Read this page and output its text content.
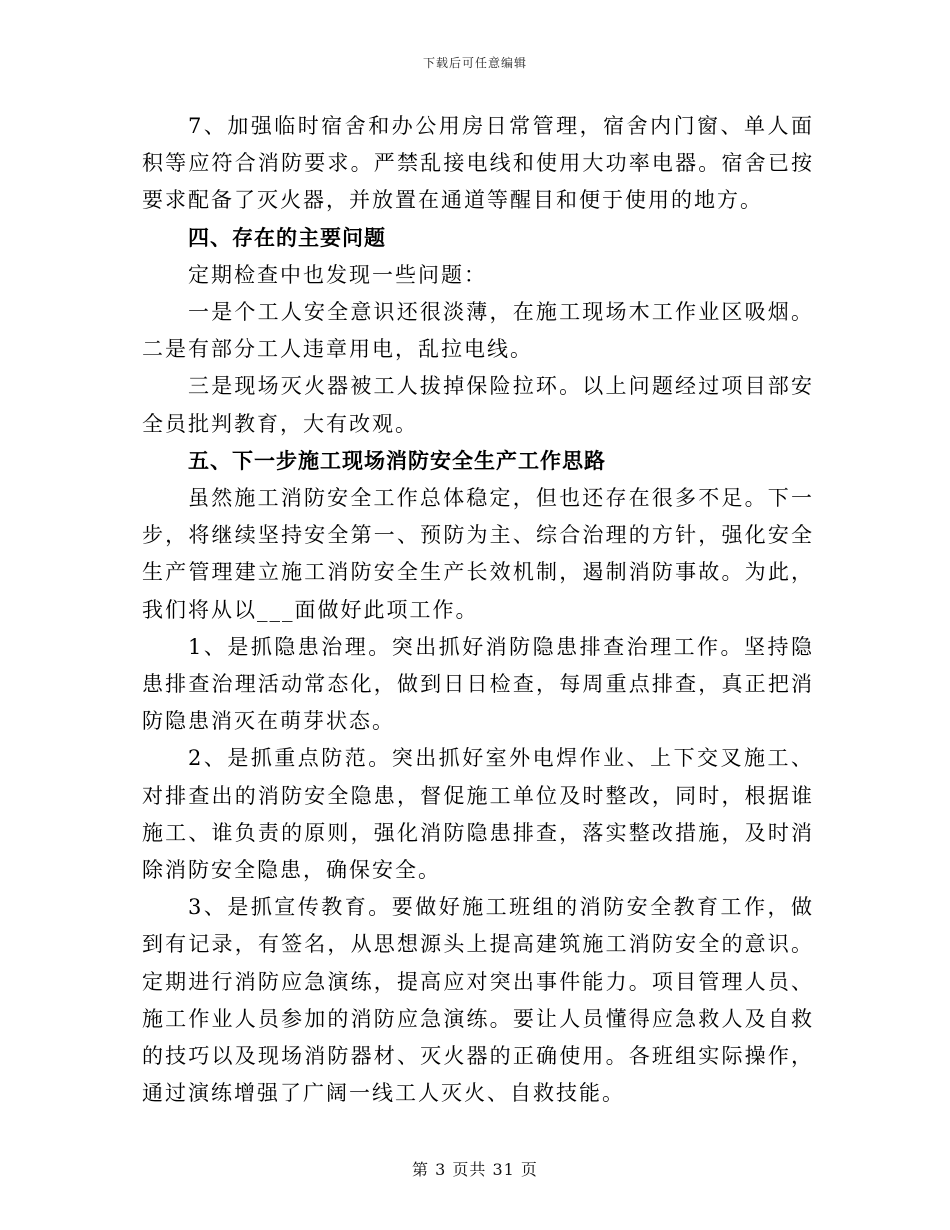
下载后可任意编辑

7、加强临时宿舍和办公用房日常管理，宿舍内门窗、单人面积等应符合消防要求。严禁乱接电线和使用大功率电器。宿舍已按要求配备了灭火器，并放置在通道等醒目和便于使用的地方。

四、存在的主要问题

定期检查中也发现一些问题：

一是个工人安全意识还很淡薄，在施工现场木工作业区吸烟。二是有部分工人违章用电，乱拉电线。

三是现场灭火器被工人拔掉保险拉环。以上问题经过项目部安全员批判教育，大有改观。

五、下一步施工现场消防安全生产工作思路

虽然施工消防安全工作总体稳定，但也还存在很多不足。下一步，将继续坚持安全第一、预防为主、综合治理的方针，强化安全生产管理建立施工消防安全生产长效机制，遏制消防事故。为此，我们将从以___面做好此项工作。

1、是抓隐患治理。突出抓好消防隐患排查治理工作。坚持隐患排查治理活动常态化，做到日日检查，每周重点排查，真正把消防隐患消灭在萌芽状态。

2、是抓重点防范。突出抓好室外电焊作业、上下交叉施工、对排查出的消防安全隐患，督促施工单位及时整改，同时，根据谁施工、谁负责的原则，强化消防隐患排查，落实整改措施，及时消除消防安全隐患，确保安全。

3、是抓宣传教育。要做好施工班组的消防安全教育工作，做到有记录，有签名，从思想源头上提高建筑施工消防安全的意识。定期进行消防应急演练，提高应对突出事件能力。项目管理人员、施工作业人员参加的消防应急演练。要让人员懂得应急救人及自救的技巧以及现场消防器材、灭火器的正确使用。各班组实际操作，通过演练增强了广阔一线工人灭火、自救技能。

第 3 页共 31 页
